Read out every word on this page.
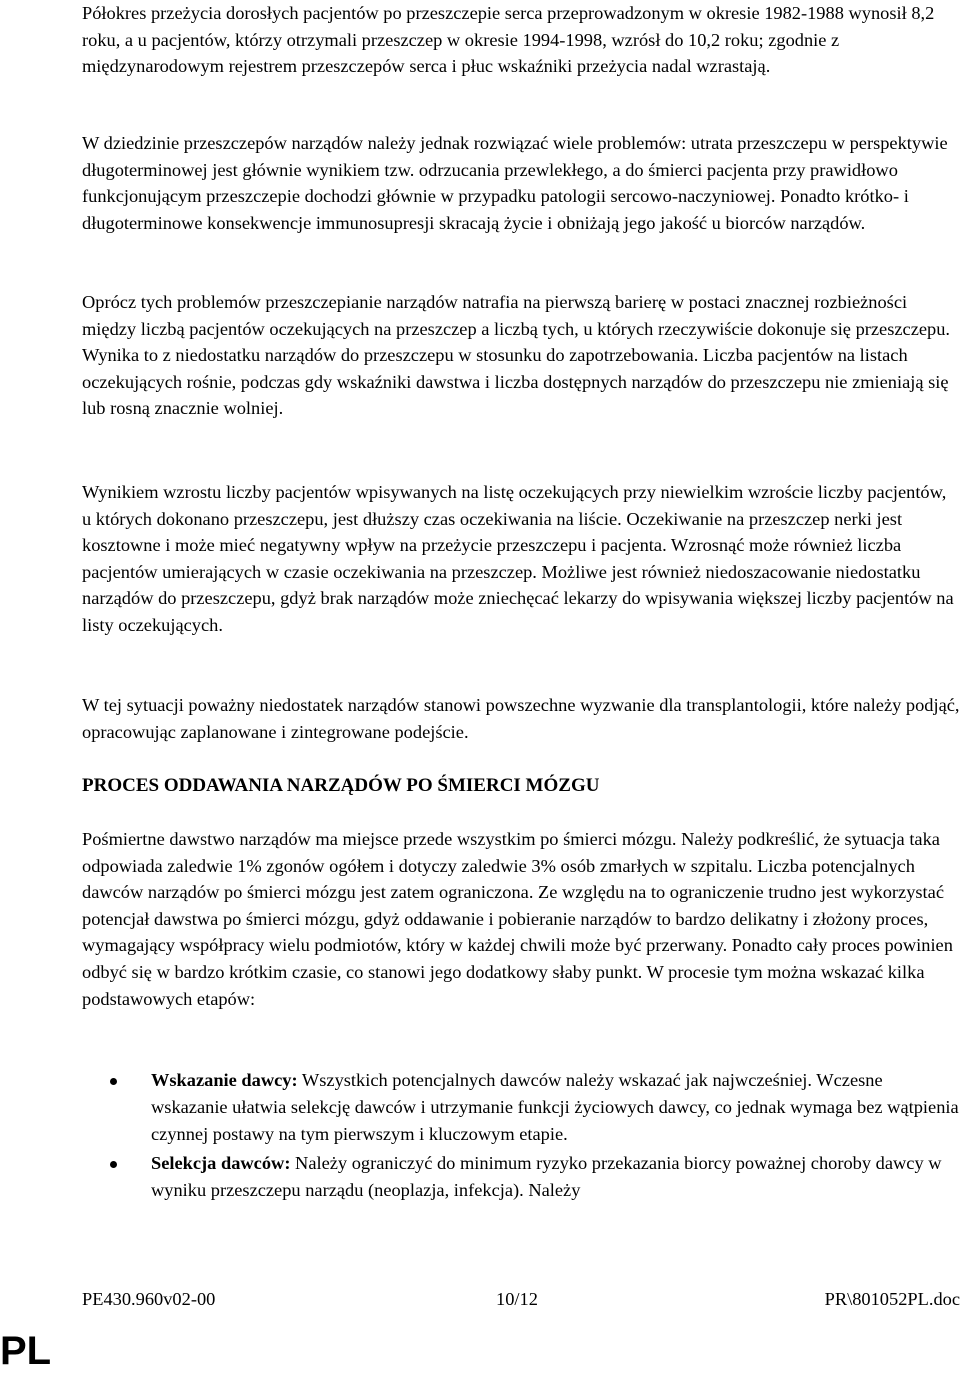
Półokres przeżycia dorosłych pacjentów po przeszczepie serca przeprowadzonym w okresie 1982-1988 wynosił 8,2 roku, a u pacjentów, którzy otrzymali przeszczep w okresie 1994-1998, wzrósł do 10,2 roku; zgodnie z międzynarodowym rejestrem przeszczepów serca i płuc wskaźniki przeżycia nadal wzrastają.

W dziedzinie przeszczepów narządów należy jednak rozwiązać wiele problemów: utrata przeszczepu w perspektywie długoterminowej jest głównie wynikiem tzw. odrzucania przewlekłego, a do śmierci pacjenta przy prawidłowo funkcjonującym przeszczepie dochodzi głównie w przypadku patologii sercowo-naczyniowej. Ponadto krótko- i długoterminowe konsekwencje immunosupresji skracają życie i obniżają jego jakość u biorców narządów.

Oprócz tych problemów przeszczepianie narządów natrafia na pierwszą barierę w postaci znacznej rozbieżności między liczbą pacjentów oczekujących na przeszczep a liczbą tych, u których rzeczywiście dokonuje się przeszczepu. Wynika to z niedostatku narządów do przeszczepu w stosunku do zapotrzebowania. Liczba pacjentów na listach oczekujących rośnie, podczas gdy wskaźniki dawstwa i liczba dostępnych narządów do przeszczepu nie zmieniają się lub rosną znacznie wolniej.

Wynikiem wzrostu liczby pacjentów wpisywanych na listę oczekujących przy niewielkim wzroście liczby pacjentów, u których dokonano przeszczepu, jest dłuższy czas oczekiwania na liście. Oczekiwanie na przeszczep nerki jest kosztowne i może mieć negatywny wpływ na przeżycie przeszczepu i pacjenta. Wzrosnąć może również liczba pacjentów umierających w czasie oczekiwania na przeszczep. Możliwe jest również niedoszacowanie niedostatku narządów do przeszczepu, gdyż brak narządów może zniechęcać lekarzy do wpisywania większej liczby pacjentów na listy oczekujących.

W tej sytuacji poważny niedostatek narządów stanowi powszechne wyzwanie dla transplantologii, które należy podjąć, opracowując zaplanowane i zintegrowane podejście.

PROCES ODDAWANIA NARZĄDÓW PO ŚMIERCI MÓZGU

Pośmiertne dawstwo narządów ma miejsce przede wszystkim po śmierci mózgu. Należy podkreślić, że sytuacja taka odpowiada zaledwie 1% zgonów ogółem i dotyczy zaledwie 3% osób zmarłych w szpitalu. Liczba potencjalnych dawców narządów po śmierci mózgu jest zatem ograniczona. Ze względu na to ograniczenie trudno jest wykorzystać potencjał dawstwa po śmierci mózgu, gdyż oddawanie i pobieranie narządów to bardzo delikatny i złożony proces, wymagający współpracy wielu podmiotów, który w każdej chwili może być przerwany. Ponadto cały proces powinien odbyć się w bardzo krótkim czasie, co stanowi jego dodatkowy słaby punkt. W procesie tym można wskazać kilka podstawowych etapów:

Wskazanie dawcy: Wszystkich potencjalnych dawców należy wskazać jak najwcześniej. Wczesne wskazanie ułatwia selekcję dawców i utrzymanie funkcji życiowych dawcy, co jednak wymaga bez wątpienia czynnej postawy na tym pierwszym i kluczowym etapie.
Selekcja dawców: Należy ograniczyć do minimum ryzyko przekazania biorcy poważnej choroby dawcy w wyniku przeszczepu narządu (neoplazja, infekcja). Należy
PE430.960v02-00	10/12	PR\801052PL.doc
PL
